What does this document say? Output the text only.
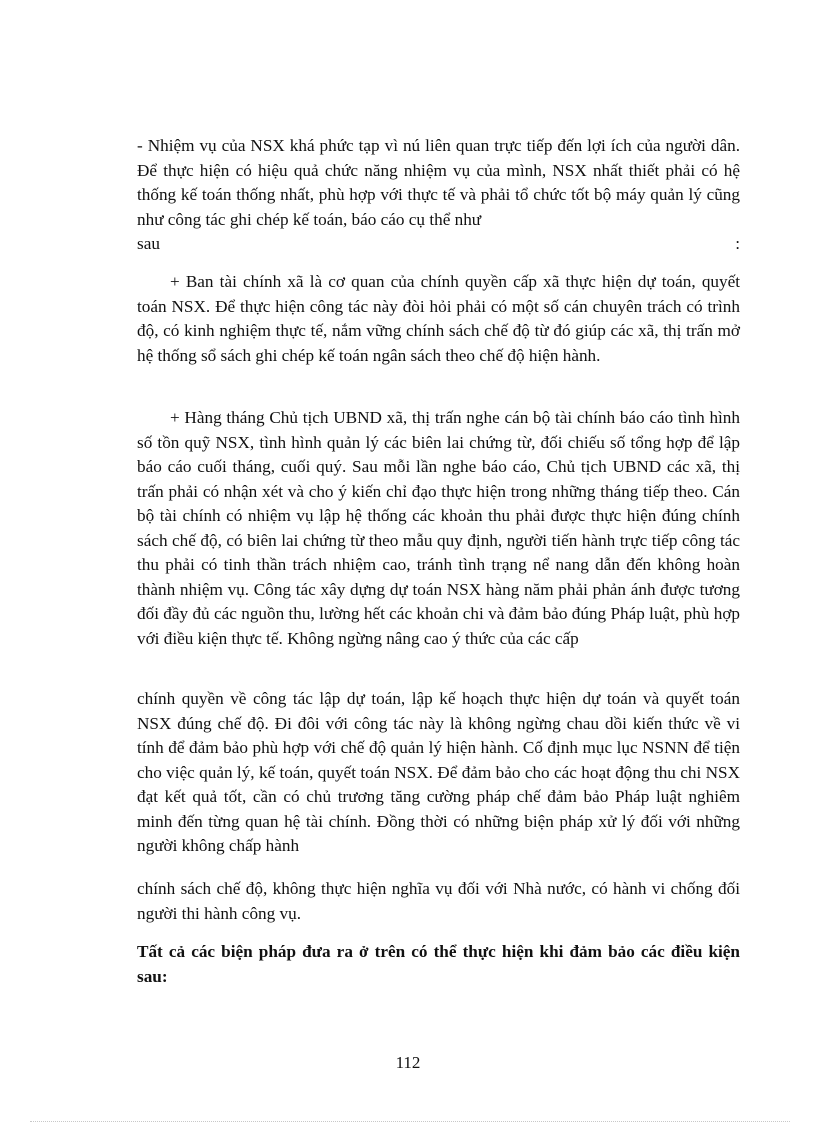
- Nhiệm vụ của NSX khá phức tạp vì nú liên quan trực tiếp đến lợi ích của người dân. Để thực hiện có hiệu quả chức năng nhiệm vụ của mình, NSX nhất thiết phải có hệ thống kế toán thống nhất, phù hợp với thực tế và phải tổ chức tốt bộ máy quản lý cũng như công tác ghi chép kế toán, báo cáo cụ thể như

sau	:

+ Ban tài chính xã là cơ quan của chính quyền cấp xã thực hiện dự toán, quyết toán NSX. Để thực hiện công tác này đòi hỏi phải có một số cán chuyên trách có trình độ, có kinh nghiệm thực tế, nắm vững chính sách chế độ từ đó giúp các xã, thị trấn mở hệ thống sổ sách ghi chép kế toán ngân sách theo chế độ hiện hành.

+ Hàng tháng Chủ tịch UBND xã, thị trấn nghe cán bộ tài chính báo cáo tình hình số tồn quỹ NSX, tình hình quản lý các biên lai chứng từ, đối chiếu số tổng hợp để lập báo cáo cuối tháng, cuối quý. Sau mỗi lần nghe báo cáo, Chủ tịch UBND các xã, thị trấn phải có nhận xét và cho ý kiến chỉ đạo thực hiện trong những tháng tiếp theo. Cán bộ tài chính có nhiệm vụ lập hệ thống các khoản thu phải được thực hiện đúng chính sách chế độ, có biên lai chứng từ theo mẫu quy định, người tiến hành trực tiếp công tác thu phải có tinh thần trách nhiệm cao, tránh tình trạng nể nang dẫn đến không hoàn thành nhiệm vụ. Công tác xây dựng dự toán NSX hàng năm phải phản ánh được tương đối đầy đủ các nguồn thu, lường hết các khoản chi và đảm bảo đúng Pháp luật, phù hợp với điều kiện thực tế. Không ngừng nâng cao ý thức của các cấp

chính quyền về công tác lập dự toán, lập kế hoạch thực hiện dự toán và quyết toán NSX đúng chế độ. Đi đôi với công tác này là không ngừng chau dồi kiến thức về vi tính để đảm bảo phù hợp với chế độ quản lý hiện hành. Cố định mục lục NSNN để tiện cho việc quản lý, kế toán, quyết toán NSX. Để đảm bảo cho các hoạt động thu chi NSX đạt kết quả tốt, cần có chủ trương tăng cường pháp chế đảm bảo Pháp luật nghiêm minh đến từng quan hệ tài chính. Đồng thời có những biện pháp xử lý đối với những người không chấp hành

chính sách chế độ, không thực hiện nghĩa vụ đối với Nhà nước, có hành vi chống đối người thi hành công vụ.

Tất cả các biện pháp đưa ra ở trên có thể thực hiện khi đảm bảo các điều kiện sau:

112
